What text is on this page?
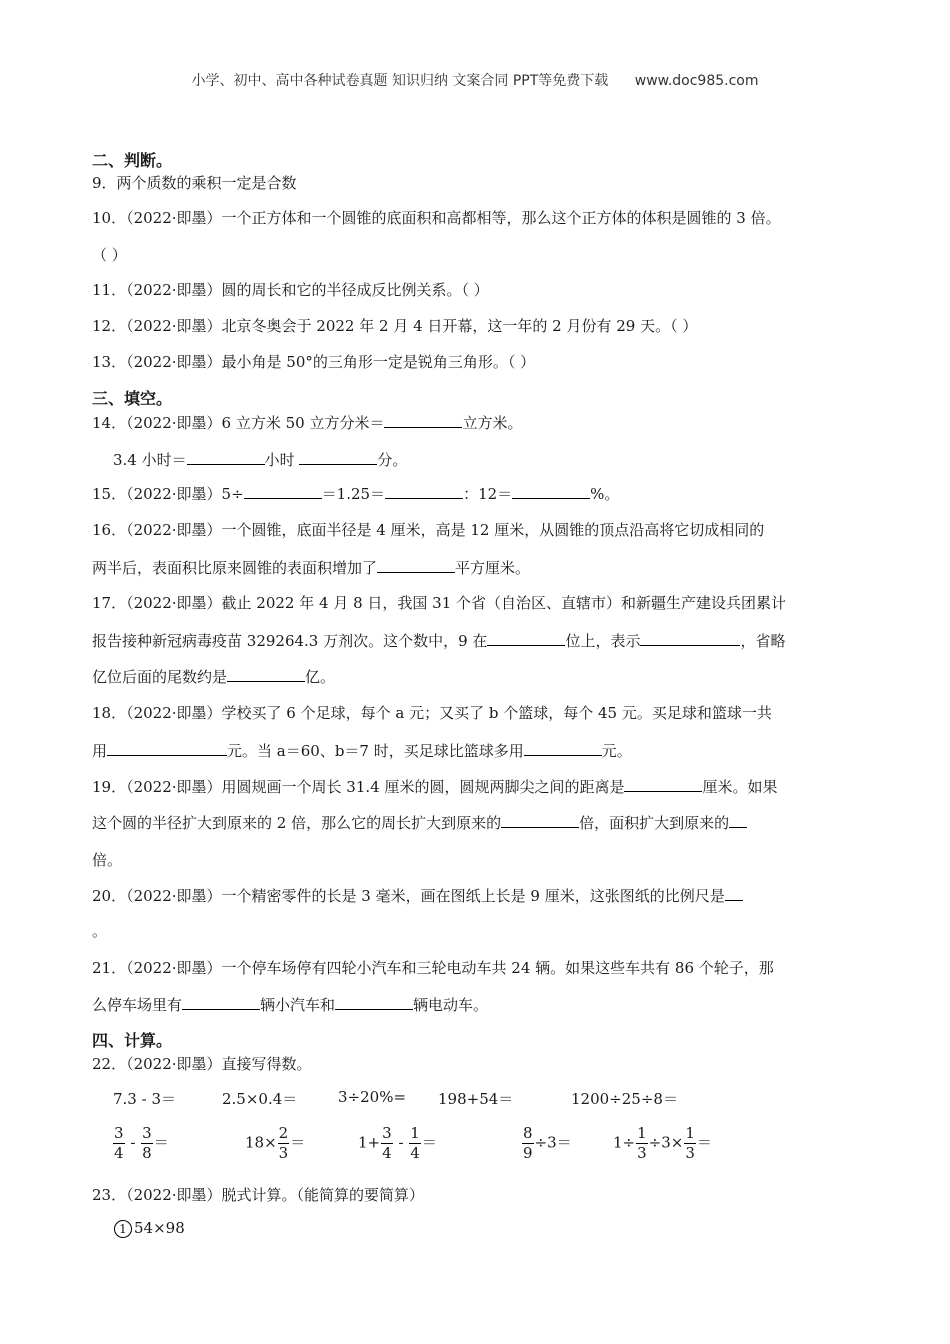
小学、初中、高中各种试卷真题 知识归纳 文案合同 PPT等免费下载 www.doc985.com
二、判断。
9．两个质数的乘积一定是合数
10．（2022·即墨）一个正方体和一个圆锥的底面积和高都相等，那么这个正方体的体积是圆锥的 3 倍。
（ ）
11．（2022·即墨）圆的周长和它的半径成反比例关系。（ ）
12．（2022·即墨）北京冬奥会于 2022 年 2 月 4 日开幕，这一年的 2 月份有 29 天。（ ）
13．（2022·即墨）最小角是 50°的三角形一定是锐角三角形。（ ）
三、填空。
14．（2022·即墨）6 立方米 50 立方分米＝	立方米。
3.4 小时＝	小时	分。
15．（2022·即墨）5÷	＝1.25＝	：12＝	%。
16．（2022·即墨）一个圆锥，底面半径是 4 厘米，高是 12 厘米，从圆锥的顶点沿高将它切成相同的
两半后，表面积比原来圆锥的表面积增加了	平方厘米。
17．（2022·即墨）截止 2022 年 4 月 8 日，我国 31 个省（自治区、直辖市）和新疆生产建设兵团累计
报告接种新冠病毒疫苗 329264.3 万剂次。这个数中，9 在	位上，表示	，省略
亿位后面的尾数约是	亿。
18．（2022·即墨）学校买了 6 个足球，每个 a 元；又买了 b 个篮球，每个 45 元。买足球和篮球一共
用	元。当 a＝60、b＝7 时，买足球比篮球多用	元。
19．（2022·即墨）用圆规画一个周长 31.4 厘米的圆，圆规两脚尖之间的距离是	厘米。如果
这个圆的半径扩大到原来的 2 倍，那么它的周长扩大到原来的	倍，面积扩大到原来的
倍。
20．（2022·即墨）一个精密零件的长是 3 毫米，画在图纸上长是 9 厘米，这张图纸的比例尺是
。
21．（2022·即墨）一个停车场停有四轮小汽车和三轮电动车共 24 辆。如果这些车共有 86 个轮子，那
么停车场里有	辆小汽车和	辆电动车。
四、计算。
22．（2022·即墨）直接写得数。
7.3 - 3＝	2.5×0.4＝	3÷20%= 198+54＝	1200÷25÷8＝
$\frac{3}{4} - \frac{3}{8}$ ＝	$18\times \frac{2}{3}$ ＝	$1+ \frac{3}{4} - \frac{1}{4}$ ＝	$\frac{8}{9} \div 3=$	$1\div \frac{1}{3} \div 3\times \frac{1}{3}$ ＝
23．（2022·即墨）脱式计算。（能简算的要简算）
1 54×98
